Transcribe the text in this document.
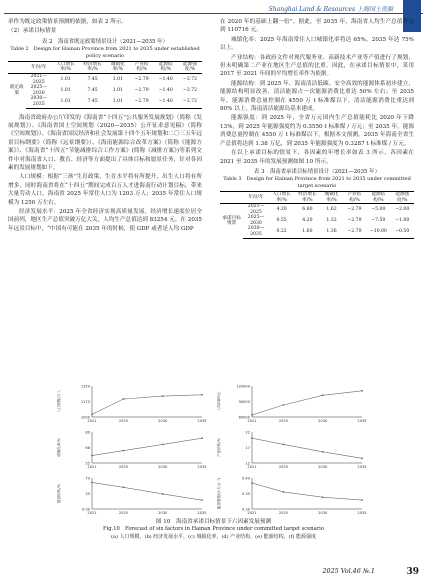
Shanghai Land & Resources 上海国土资源

率作为既定政策情景预测的依据，如表 2 所示。

（2）承诺目标情景

表 2　海南省既定政策情景设计（2021—2035 年）
Table 2　Design for Hainan Province from 2021 to 2035 under established policy scenario
	年份/年	人口增长率/%	经济增长率/%	城镇化率/%	产业结构/%	能源结构/%	能源强度/%
既定政策	2021—2025	1.01	7.45	1.01	−2.79	−1.40	−3.72
	2025—2030	1.01	7.45	1.01	−2.79	−1.40	−3.72
	2030—2035	1.01	7.45	1.01	−2.79	−1.40	−3.72

海南省政府办公厅印发的《海南省“十四五”公共服务发展规划》（简称《发展规划》）、《海南省国土空间规划（2020—2035）公开征求意见稿》（简称《空间规划》）、《海南省国民经济和社会发展第十四个五年规划和二〇三五年远景目标纲要》（简称《远景纲要》）、《海南能源综合改革方案》（简称《能源方案》）、《海南省“十四五”节能减排综合工作方案》(简称《减排方案》)等系列文件中对海南省人口、教育、经济等方面提出了具体目标和愿景任务，针对各因素的发展规划如下。

人口规模：根据“三孩”生育政策，生育水平将有所提升，出生人口将有所增多，同时海南省将在“十四五”期间完成百万人才进海南行动计划目标，带来大量劳动人口。海南省 2025 年常住人口为 1203 万人；2035 年常住人口规模为 1250 万左右。

经济发展水平：2025 年全省经济实现高质量发展，经济增长速度位居全国前列，地区生产总值突破万亿大关，人均生产总值达到 83254 元。在 2035 年远景目标中，“中国有可能在 2035 年的时候，使 GDP 或者是人均 GDP

在 2020 年的基础上翻一倍”。据此，至 2035 年，海南省人均生产总值将达到 110716 元。

城镇化率：2025 年海南常住人口城镇化率将达 65%，2035 年达 75% 以上。

产业结构：各政府文件对现代服务业、高新技术产业等产值进行了规划，但未明确第二产业在地区生产总值的比重。因此，在承诺目标情景中，采用 2017 至 2021 年间的平均增长率作为依据。

能源结构：到 2025 年，海南清洁低碳、安全高效的能源体系初步建立，能源结构明显改善，清洁能源占一次能源消费比重达 50% 左右；至 2035 年，能源消费总量控制在 4550 万 t 标准煤以下，清洁能源消费比重达到 80% 以上，海南清洁能源岛基本建成。

能源强度：到 2025 年，全省万元国内生产总值能耗比 2020 年下降 13%，到 2025 年能源强度约为 0.3550 t 标准煤 / 万元；至 2035 年，能源消费总量控制在 4550 万 t 标准煤以下，根据本文预测，2035 年海南全省生产总值将达到 1.38 万亿，到 2035 年能源强度为 0.3287 t 标准煤 / 万元。

在以上承诺目标的情景下，各因素的年增长率如表 3 所示，各因素在 2021 至 2035 年的发展预测如图 10 所示。

表 3　海南省承诺目标情景设计（2021—2035 年）
Table 3　Design for Hainan Province from 2021 to 2035 under committed target scenario
	年份/年	人口增长率/%	经济增长率/%	城镇化率/%	产业结构/%	能源结构/%	能源强度/%
承诺目标情景	2021—2025	4.20	6.80	1.62	−2.79	−5.00	−2.00
	2025—2030	0.55	4.20	1.32	−2.79	−7.50	−1.00
	2030—2035	0.22	1.60	1.36	−2.79	−10.00	−0.50
1000
1175
1350
2021	2025	2030	2035
人口规模/万人
60000
90000
120000
2021	2025	2030	2035
人均GDP/元
55
68
80
2021	2025	2030	2035
城镇化率/%
12
17
22
2021	2025	2030	2035
产业结构/%
0.00
35
70
2021	2025	2030	2035
能源结构/%
0.30
0.35
0.40
2021	2025	2030	2035
能源强度/(t·万元⁻¹)
图 10　海南省承诺目标情景下六因素发展预测
Fig.10　Forecast of six factors in Hainan Province under committed target scenario
(a) 人口规模，(b) 经济发展水平，(c) 城镇化率，(d) 产业结构，(e) 能源结构，(f) 能源强度
2025 Vol.46 №.1	39
